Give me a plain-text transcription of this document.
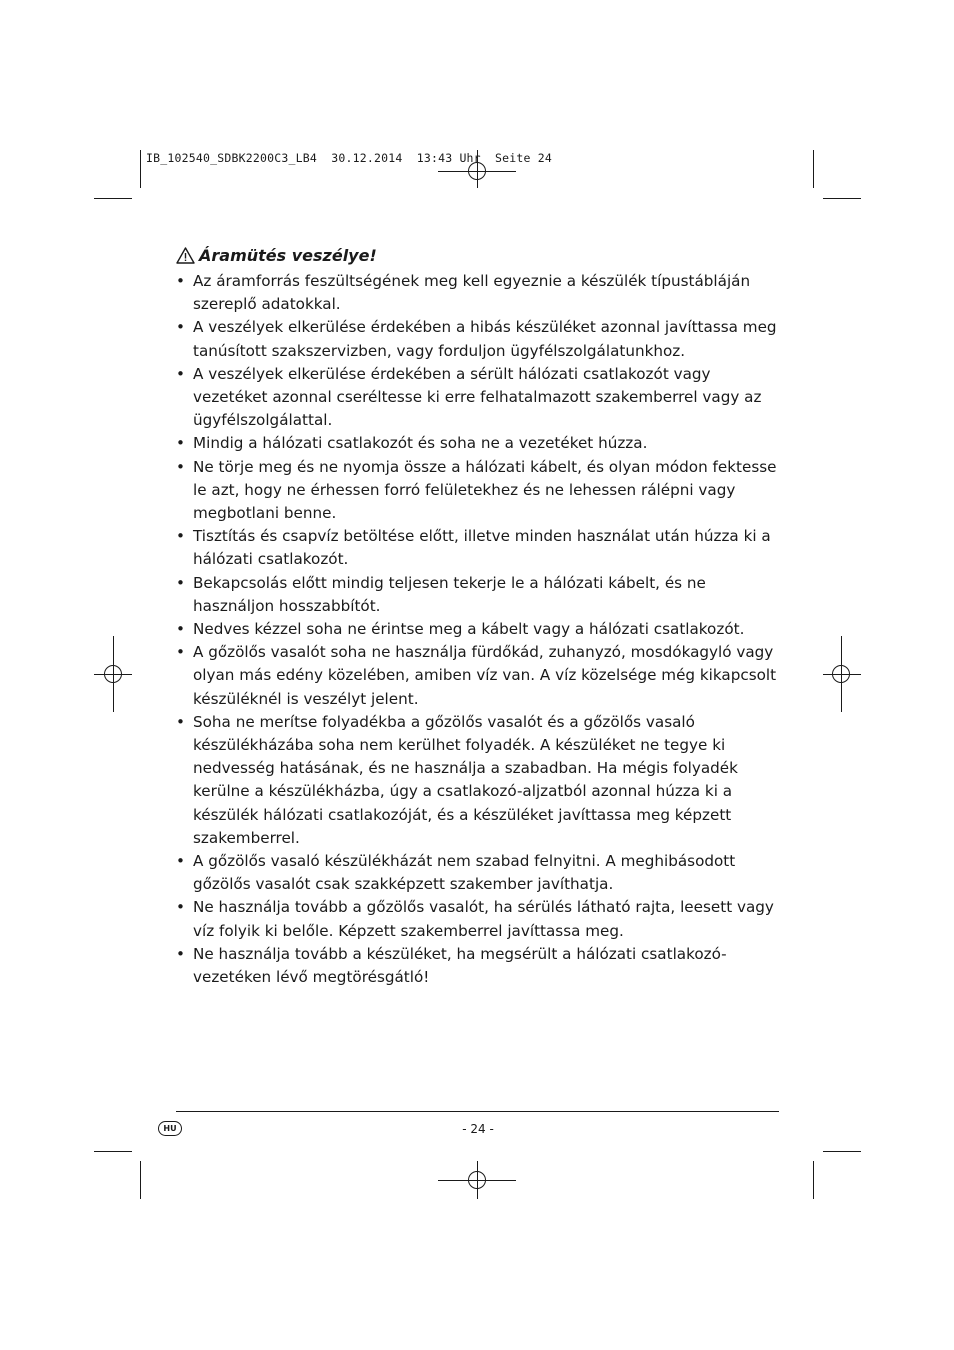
IB_102540_SDBK2200C3_LB4  30.12.2014  13:43 Uhr  Seite 24
Áramütés veszélye!
• Az áramforrás feszültségének meg kell egyeznie a készülék típustábláján szereplő adatokkal.
• A veszélyek elkerülése érdekében a hibás készüléket azonnal javíttassa meg tanúsított szakszervizben, vagy forduljon ügyfélszolgálatunkhoz.
• A veszélyek elkerülése érdekében a sérült hálózati csatlakozót vagy vezetéket azonnal cseréltesse ki erre felhatalmazott szakemberrel vagy az ügyfélszolgálattal.
• Mindig a hálózati csatlakozót és soha ne a vezetéket húzza.
• Ne törje meg és ne nyomja össze a hálózati kábelt, és olyan módon fektesse le azt, hogy ne érhessen forró felületekhez és ne lehessen rálépni vagy megbotlani benne.
• Tisztítás és csapvíz betöltése előtt, illetve minden használat után húzza ki a hálózati csatlakozót.
• Bekapcsolás előtt mindig teljesen tekerje le a hálózati kábelt, és ne használjon hosszabbítót.
• Nedves kézzel soha ne érintse meg a kábelt vagy a hálózati csatlakozót.
• A gőzölős vasalót soha ne használja fürdőkád, zuhanyzó, mosdókagyló vagy olyan más edény közelében, amiben víz van. A víz közelsége még kikapcsolt készüléknél is veszélyt jelent.
• Soha ne merítse folyadékba a gőzölős vasalót és a gőzölős vasaló készülékházába soha nem kerülhet folyadék. A készüléket ne tegye ki nedvesség hatásának, és ne használja a szabadban. Ha mégis folyadék kerülne a készülékházba, úgy a csatlakozó-aljzatból azonnal húzza ki a készülék hálózati csatlakozóját, és a készüléket javíttassa meg képzett szakemberrel.
• A gőzölős vasaló készülékházát nem szabad felnyitni. A meghibásodott gőzölős vasalót csak szakképzett szakember javíthatja.
• Ne használja tovább a gőzölős vasalót, ha sérülés látható rajta, leesett vagy víz folyik ki belőle. Képzett szakemberrel javíttassa meg.
• Ne használja tovább a készüléket, ha megsérült a hálózati csatlakozó-vezetéken lévő megtörésgátló!
HU	- 24 -
